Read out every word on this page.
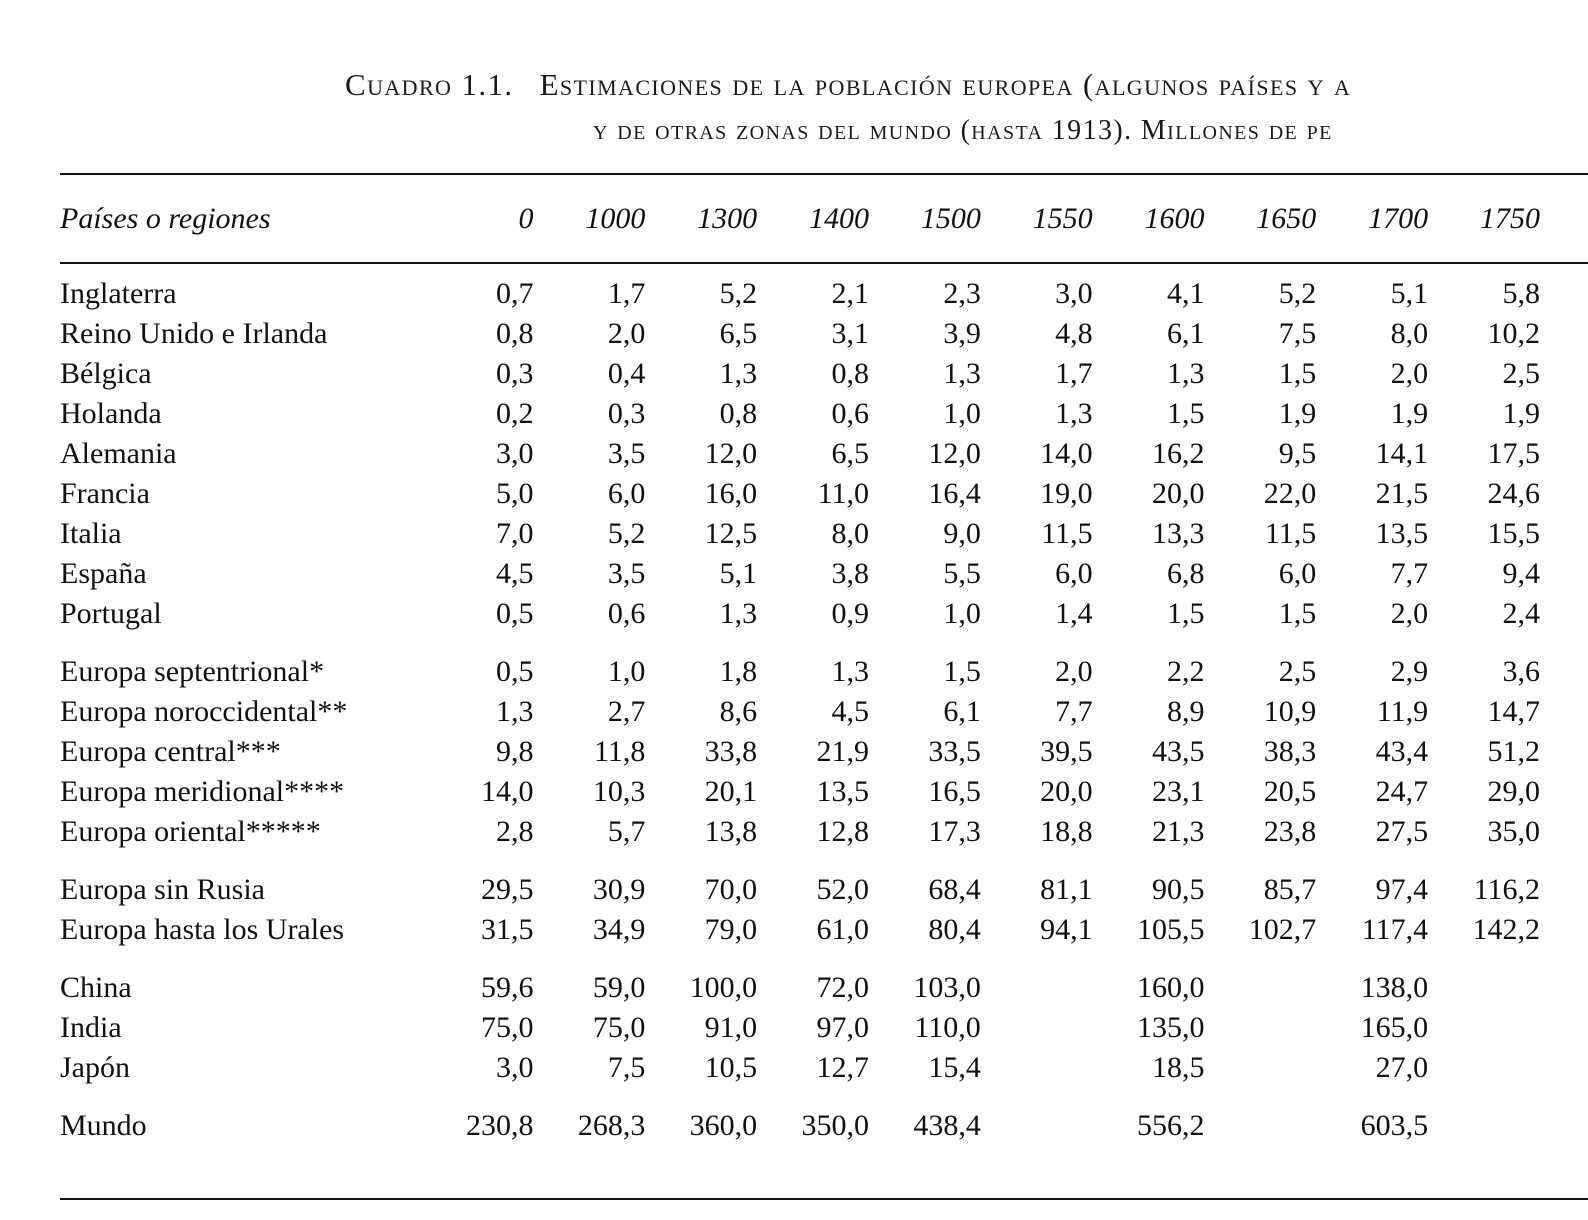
Cuadro 1.1. Estimaciones de la población europea (algunos países y a
y de otras zonas del mundo (hasta 1913). Millones de pe
Países o regiones	0	1000	1300	1400	1500	1550	1600	1650	1700	1750
Inglaterra	0,7	1,7	5,2	2,1	2,3	3,0	4,1	5,2	5,1	5,8
Reino Unido e Irlanda	0,8	2,0	6,5	3,1	3,9	4,8	6,1	7,5	8,0	10,2
Bélgica	0,3	0,4	1,3	0,8	1,3	1,7	1,3	1,5	2,0	2,5
Holanda	0,2	0,3	0,8	0,6	1,0	1,3	1,5	1,9	1,9	1,9
Alemania	3,0	3,5	12,0	6,5	12,0	14,0	16,2	9,5	14,1	17,5
Francia	5,0	6,0	16,0	11,0	16,4	19,0	20,0	22,0	21,5	24,6
Italia	7,0	5,2	12,5	8,0	9,0	11,5	13,3	11,5	13,5	15,5
España	4,5	3,5	5,1	3,8	5,5	6,0	6,8	6,0	7,7	9,4
Portugal	0,5	0,6	1,3	0,9	1,0	1,4	1,5	1,5	2,0	2,4
Europa septentrional*	0,5	1,0	1,8	1,3	1,5	2,0	2,2	2,5	2,9	3,6
Europa noroccidental**	1,3	2,7	8,6	4,5	6,1	7,7	8,9	10,9	11,9	14,7
Europa central***	9,8	11,8	33,8	21,9	33,5	39,5	43,5	38,3	43,4	51,2
Europa meridional****	14,0	10,3	20,1	13,5	16,5	20,0	23,1	20,5	24,7	29,0
Europa oriental*****	2,8	5,7	13,8	12,8	17,3	18,8	21,3	23,8	27,5	35,0
Europa sin Rusia	29,5	30,9	70,0	52,0	68,4	81,1	90,5	85,7	97,4	116,2
Europa hasta los Urales	31,5	34,9	79,0	61,0	80,4	94,1	105,5	102,7	117,4	142,2
China	59,6	59,0	100,0	72,0	103,0		160,0		138,0	
India	75,0	75,0	91,0	97,0	110,0		135,0		165,0	
Japón	3,0	7,5	10,5	12,7	15,4		18,5		27,0	
Mundo	230,8	268,3	360,0	350,0	438,4		556,2		603,5	
